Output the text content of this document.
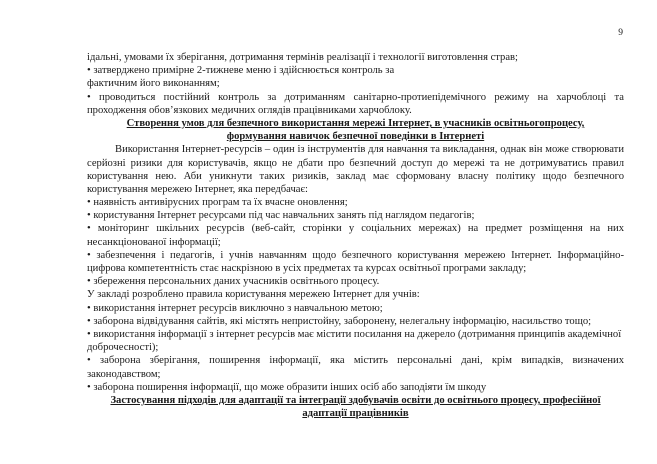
9
ідальні, умовами їх зберігання, дотримання термінів реалізації і технології виготовлення страв;
• затверджено примірне 2-тижневе меню і здійснюється контроль за
фактичним його виконанням;
• проводиться постійний контроль за дотриманням санітарно-протиепідемічного режиму на харчоблоці та
проходження обов’язкових медичних оглядів працівниками харчоблоку.
Створення умов для безпечного використання мережі Інтернет, в учасників освітньогопроцесу,
формування навичок безпечної поведінки в Інтернеті
Використання Інтернет-ресурсів – один із інструментів для навчання та викладання, однак він може створювати
серйозні ризики для користувачів, якщо не дбати про безпечний доступ до мережі та не дотримуватись правил
користування нею. Аби уникнути таких ризиків, заклад має сформовану власну політику щодо безпечного
користування мережею Інтернет, яка передбачає:
• наявність антивірусних програм та їх вчасне оновлення;
• користування Інтернет ресурсами під час навчальних занять під наглядом педагогів;
• моніторинг шкільних ресурсів (веб-сайт, сторінки у соціальних мережах) на предмет розміщення на них
несанкціонованої інформації;
• забезпечення і педагогів, і учнів навчанням щодо безпечного користування мережею Інтернет. Інформаційно-
цифрова компетентність стає наскрізною в усіх предметах та курсах освітньої програми закладу;
• збереження персональних даних учасників освітнього процесу.
У закладі розроблено правила користування мережею Інтернет для учнів:
• використання інтернет ресурсів виключно з навчальною метою;
• заборона відвідування сайтів, які містять непристойну, заборонену, нелегальну інформацію, насильство тощо;
• використання інформації з інтернет ресурсів має містити посилання на джерело (дотримання принципів академічної
доброчесності);
• заборона зберігання, поширення інформації, яка містить персональні дані, крім випадків, визначених
законодавством;
• заборона поширення інформації, що може образити інших осіб або заподіяти їм шкоду
Застосування підходів для адаптації та інтеграції здобувачів освіти до освітнього процесу, професійної
адаптації працівників
